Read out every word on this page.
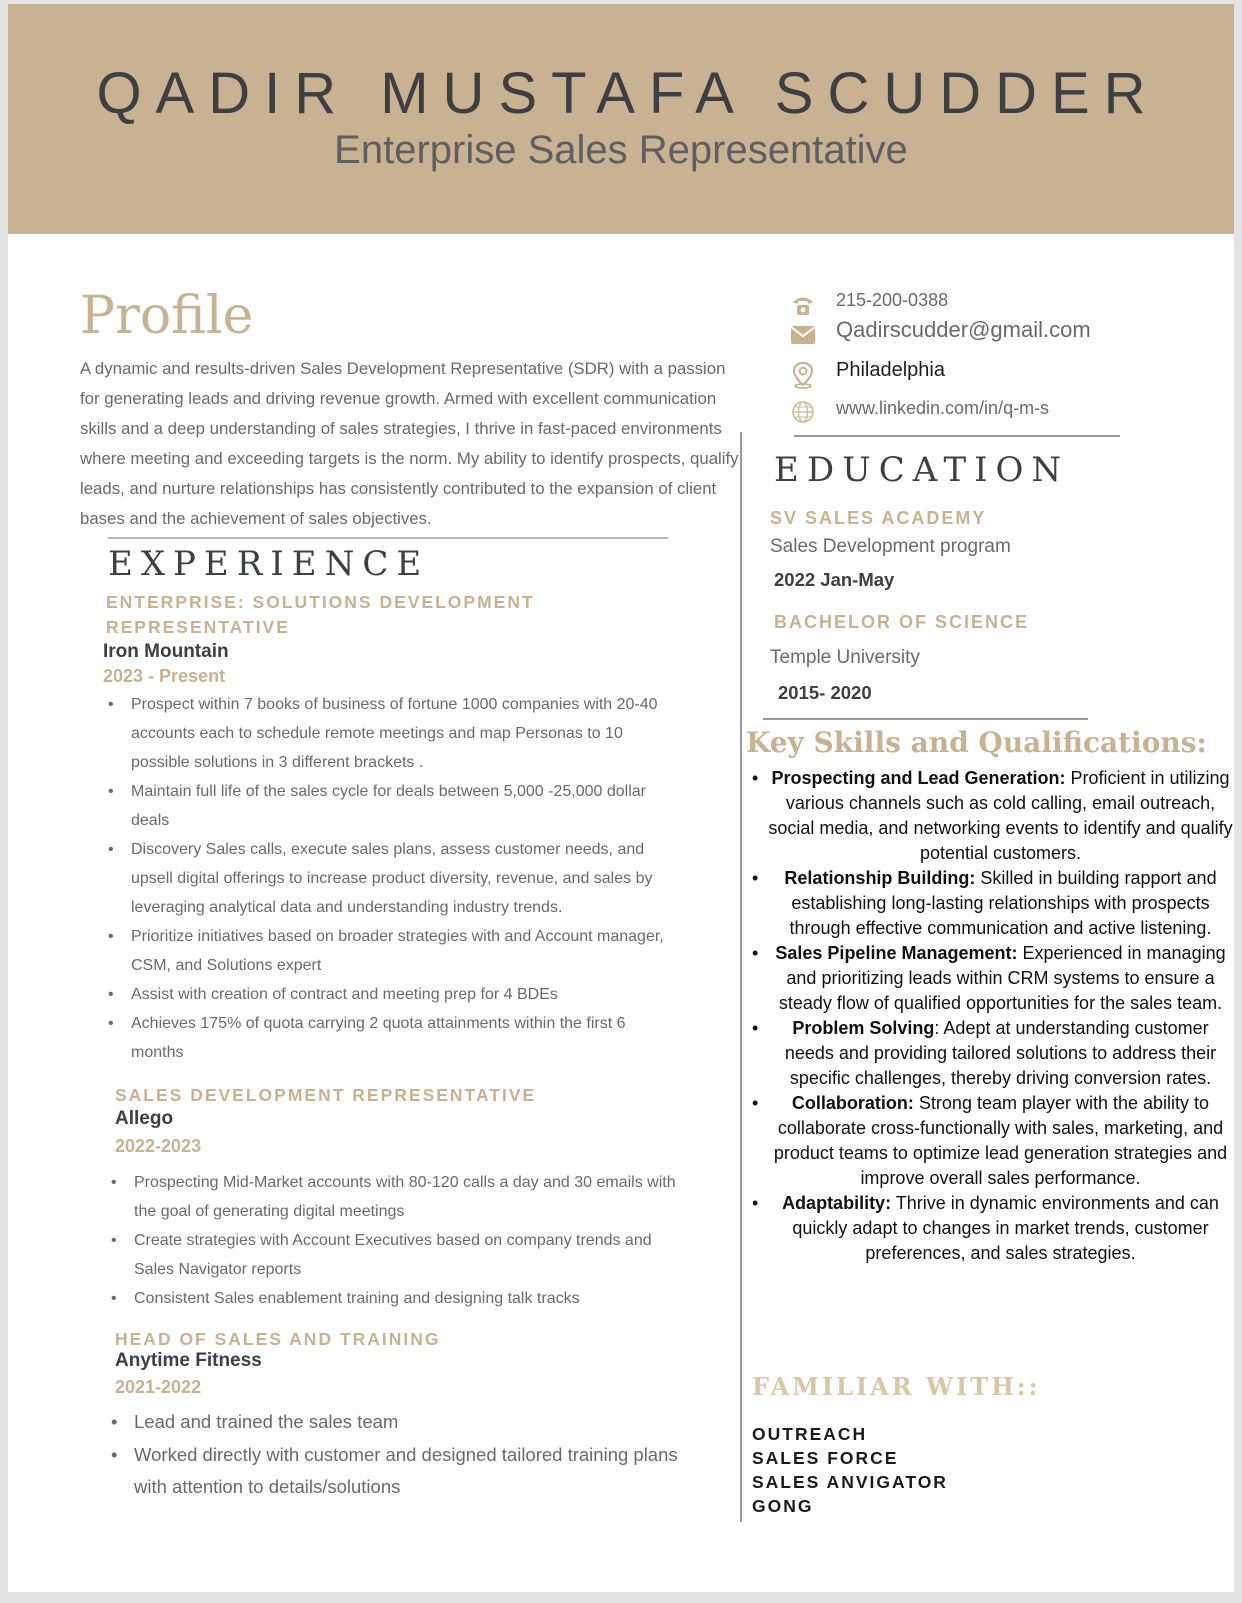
QADIR MUSTAFA SCUDDER
Enterprise Sales Representative
Profile
A dynamic and results-driven Sales Development Representative (SDR) with a passion for generating leads and driving revenue growth. Armed with excellent communication skills and a deep understanding of sales strategies, I thrive in fast-paced environments where meeting and exceeding targets is the norm. My ability to identify prospects, qualify leads, and nurture relationships has consistently contributed to the expansion of client bases and the achievement of sales objectives.
EXPERIENCE
ENTERPRISE: SOLUTIONS DEVELOPMENT REPRESENTATIVE
Iron Mountain
2023 - Present
• Prospect within 7 books of business of fortune 1000 companies with 20-40 accounts each to schedule remote meetings and map Personas to 10 possible solutions in 3 different brackets .
• Maintain full life of the sales cycle for deals between 5,000 -25,000 dollar deals
• Discovery Sales calls, execute sales plans, assess customer needs, and upsell digital offerings to increase product diversity, revenue, and sales by leveraging analytical data and understanding industry trends.
• Prioritize initiatives based on broader strategies with and Account manager, CSM, and Solutions expert
• Assist with creation of contract and meeting prep for 4 BDEs
• Achieves 175% of quota carrying 2 quota attainments within the first 6 months
SALES DEVELOPMENT REPRESENTATIVE
Allego
2022-2023
• Prospecting Mid-Market accounts with 80-120 calls a day and 30 emails with the goal of generating digital meetings
• Create strategies with Account Executives based on company trends and Sales Navigator reports
• Consistent Sales enablement training and designing talk tracks
HEAD OF SALES AND TRAINING
Anytime Fitness
2021-2022
• Lead and trained the sales team
• Worked directly with customer and designed tailored training plans with attention to details/solutions
215-200-0388
Qadirscudder@gmail.com
Philadelphia
www.linkedin.com/in/q-m-s
EDUCATION
SV SALES ACADEMY
Sales Development program
2022 Jan-May
BACHELOR OF SCIENCE
Temple University
2015- 2020
Key Skills and Qualifications:
• Prospecting and Lead Generation: Proficient in utilizing various channels such as cold calling, email outreach, social media, and networking events to identify and qualify potential customers.
• Relationship Building: Skilled in building rapport and establishing long-lasting relationships with prospects through effective communication and active listening.
• Sales Pipeline Management: Experienced in managing and prioritizing leads within CRM systems to ensure a steady flow of qualified opportunities for the sales team.
• Problem Solving: Adept at understanding customer needs and providing tailored solutions to address their specific challenges, thereby driving conversion rates.
• Collaboration: Strong team player with the ability to collaborate cross-functionally with sales, marketing, and product teams to optimize lead generation strategies and improve overall sales performance.
• Adaptability: Thrive in dynamic environments and can quickly adapt to changes in market trends, customer preferences, and sales strategies.
FAMILIAR WITH::
OUTREACH
SALES FORCE
SALES ANVIGATOR
GONG
